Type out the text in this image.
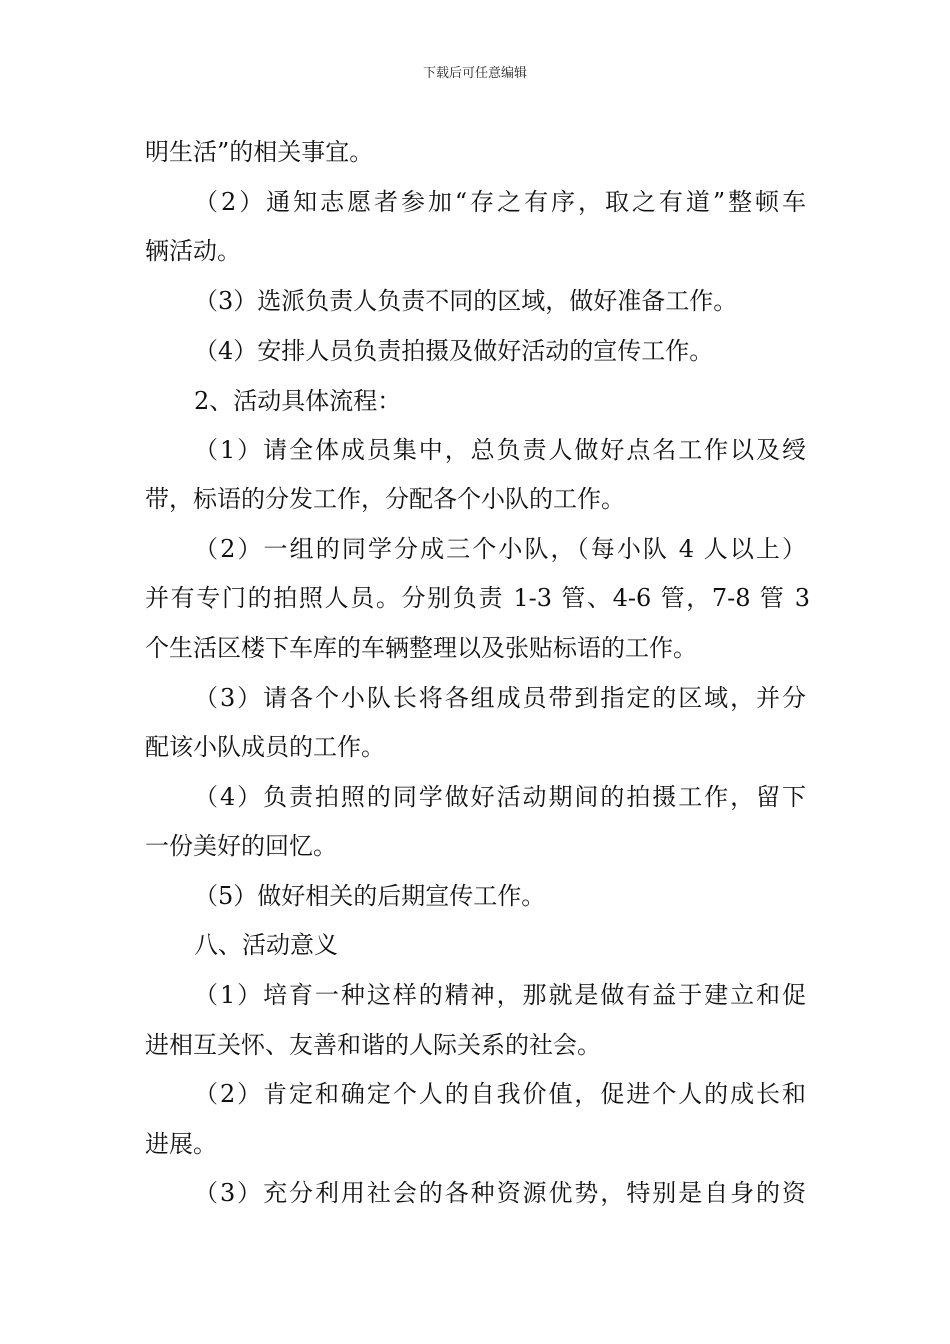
下载后可任意编辑
明生活”的相关事宜。
（2）通知志愿者参加“存之有序，取之有道”整顿车
辆活动。
（3）选派负责人负责不同的区域，做好准备工作。
（4）安排人员负责拍摄及做好活动的宣传工作。
2、活动具体流程：
（1）请全体成员集中，总负责人做好点名工作以及绶
带，标语的分发工作，分配各个小队的工作。
（2）一组的同学分成三个小队，（每小队 4 人以上）
并有专门的拍照人员。分别负责 1-3 管、4-6 管，7-8 管 3
个生活区楼下车库的车辆整理以及张贴标语的工作。
（3）请各个小队长将各组成员带到指定的区域，并分
配该小队成员的工作。
（4）负责拍照的同学做好活动期间的拍摄工作，留下
一份美好的回忆。
（5）做好相关的后期宣传工作。
八、活动意义
（1）培育一种这样的精神，那就是做有益于建立和促
进相互关怀、友善和谐的人际关系的社会。
（2）肯定和确定个人的自我价值，促进个人的成长和
进展。
（3）充分利用社会的各种资源优势，特别是自身的资
